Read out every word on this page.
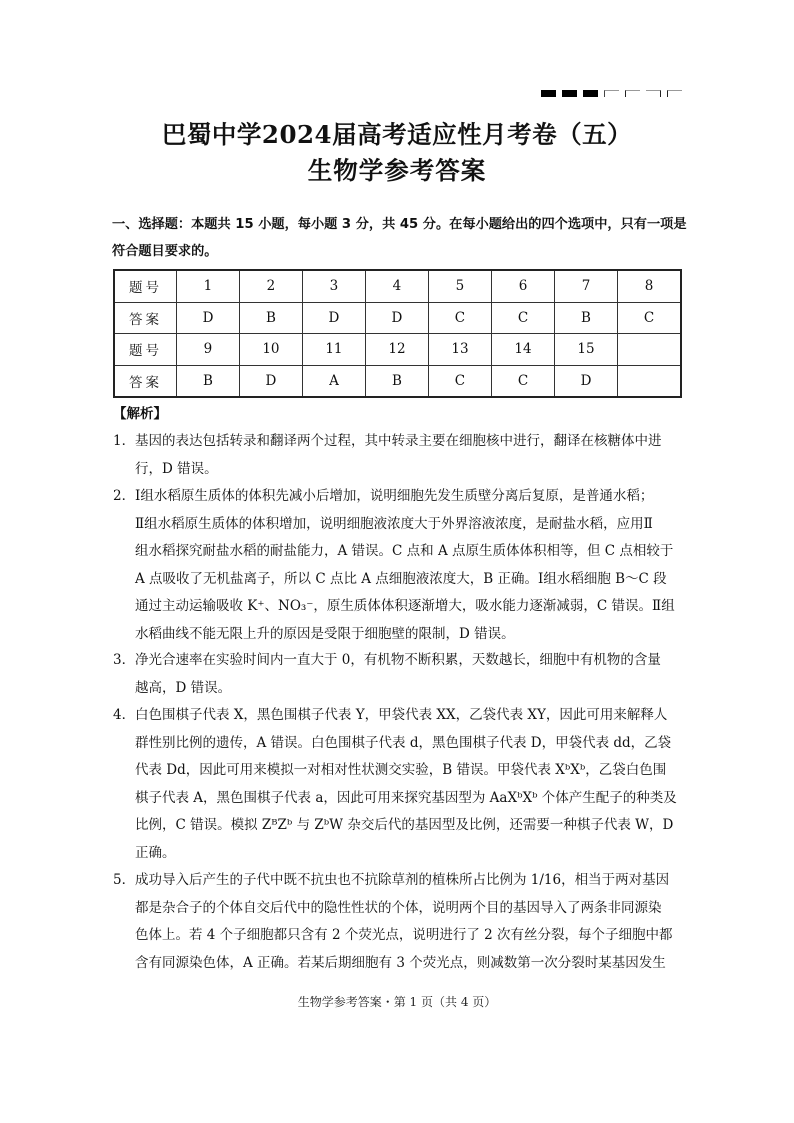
巴蜀中学2024届高考适应性月考卷（五）
生物学参考答案
一、选择题：本题共 15 小题，每小题 3 分，共 45 分。在每小题给出的四个选项中，只有一项是符合题目要求的。
题号	1	2	3	4	5	6	7	8
答案	D	B	D	D	C	C	B	C
题号	9	10	11	12	13	14	15	
答案	B	D	A	B	C	C	D	
【解析】
1． 基因的表达包括转录和翻译两个过程，其中转录主要在细胞核中进行，翻译在核糖体中进
行，D 错误。
2． Ⅰ组水稻原生质体的体积先减小后增加，说明细胞先发生质壁分离后复原，是普通水稻；
Ⅱ组水稻原生质体的体积增加，说明细胞液浓度大于外界溶液浓度，是耐盐水稻，应用Ⅱ
组水稻探究耐盐水稻的耐盐能力，A 错误。C 点和 A 点原生质体体积相等，但 C 点相较于
A 点吸收了无机盐离子，所以 C 点比 A 点细胞液浓度大，B 正确。Ⅰ组水稻细胞 B～C 段
通过主动运输吸收 K⁺、NO₃⁻，原生质体体积逐渐增大，吸水能力逐渐减弱，C 错误。Ⅱ组
水稻曲线不能无限上升的原因是受限于细胞壁的限制，D 错误。
3． 净光合速率在实验时间内一直大于 0，有机物不断积累，天数越长，细胞中有机物的含量
越高，D 错误。
4． 白色围棋子代表 X，黑色围棋子代表 Y，甲袋代表 XX，乙袋代表 XY，因此可用来解释人
群性别比例的遗传，A 错误。白色围棋子代表 d，黑色围棋子代表 D，甲袋代表 dd，乙袋
代表 Dd，因此可用来模拟一对相对性状测交实验，B 错误。甲袋代表 XᵇXᵇ，乙袋白色围
棋子代表 A，黑色围棋子代表 a，因此可用来探究基因型为 AaXᵇXᵇ 个体产生配子的种类及
比例，C 错误。模拟 ZᴮZᵇ 与 ZᵇW 杂交后代的基因型及比例，还需要一种棋子代表 W，D
正确。
5． 成功导入后产生的子代中既不抗虫也不抗除草剂的植株所占比例为 1/16，相当于两对基因
都是杂合子的个体自交后代中的隐性性状的个体，说明两个目的基因导入了两条非同源染
色体上。若 4 个子细胞都只含有 2 个荧光点，说明进行了 2 次有丝分裂，每个子细胞中都
含有同源染色体，A 正确。若某后期细胞有 3 个荧光点，则减数第一次分裂时某基因发生
生物学参考答案・第 1 页（共 4 页）
